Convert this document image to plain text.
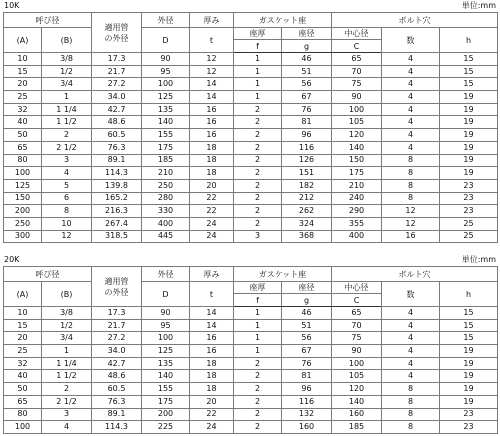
10K	単位:mm
呼び径		適用管
の外径	外径	厚み	ガスケット座		ボルト穴		
(A)	(B)		D	t	座厚	座径	中心径	数	h
					f	g	C		
10	3/8	17.3	90	12	1	46	65	4	15
15	1/2	21.7	95	12	1	51	70	4	15
20	3/4	27.2	100	14	1	56	75	4	15
25	1	34.0	125	14	1	67	90	4	19
32	1 1/4	42.7	135	16	2	76	100	4	19
40	1 1/2	48.6	140	16	2	81	105	4	19
50	2	60.5	155	16	2	96	120	4	19
65	2 1/2	76.3	175	18	2	116	140	4	19
80	3	89.1	185	18	2	126	150	8	19
100	4	114.3	210	18	2	151	175	8	19
125	5	139.8	250	20	2	182	210	8	23
150	6	165.2	280	22	2	212	240	8	23
200	8	216.3	330	22	2	262	290	12	23
250	10	267.4	400	24	2	324	355	12	25
300	12	318.5	445	24	3	368	400	16	25
20K	単位:mm
呼び径		適用管
の外径	外径	厚み	ガスケット座		ボルト穴		
(A)	(B)		D	t	座厚	座径	中心径	数	h
					f	g	C		
10	3/8	17.3	90	14	1	46	65	4	15
15	1/2	21.7	95	14	1	51	70	4	15
20	3/4	27.2	100	16	1	56	75	4	15
25	1	34.0	125	16	1	67	90	4	19
32	1 1/4	42.7	135	18	2	76	100	4	19
40	1 1/2	48.6	140	18	2	81	105	4	19
50	2	60.5	155	18	2	96	120	8	19
65	2 1/2	76.3	175	20	2	116	140	8	19
80	3	89.1	200	22	2	132	160	8	23
100	4	114.3	225	24	2	160	185	8	23
